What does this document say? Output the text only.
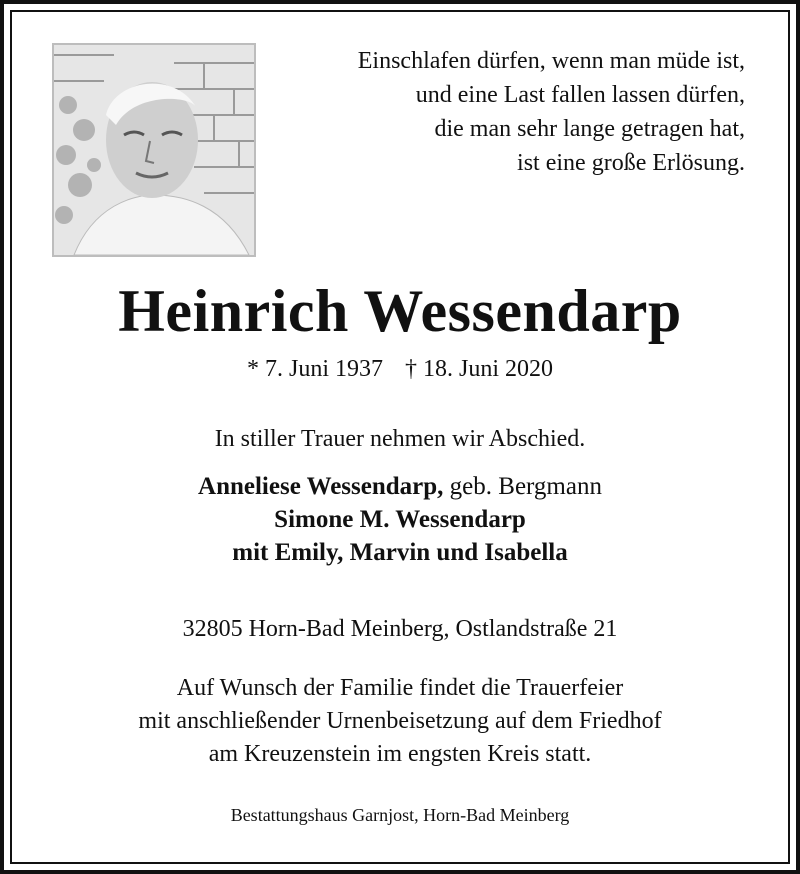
Einschlafen dürfen, wenn man müde ist,
und eine Last fallen lassen dürfen,
die man sehr lange getragen hat,
ist eine große Erlösung.
Heinrich Wessendarp
* 7. Juni 1937 † 18. Juni 2020
In stiller Trauer nehmen wir Abschied.
Anneliese Wessendarp, geb. Bergmann
Simone M. Wessendarp
mit Emily, Marvin und Isabella
32805 Horn-Bad Meinberg, Ostlandstraße 21
Auf Wunsch der Familie findet die Trauerfeier
mit anschließender Urnenbeisetzung auf dem Friedhof
am Kreuzenstein im engsten Kreis statt.
Bestattungshaus Garnjost, Horn-Bad Meinberg
